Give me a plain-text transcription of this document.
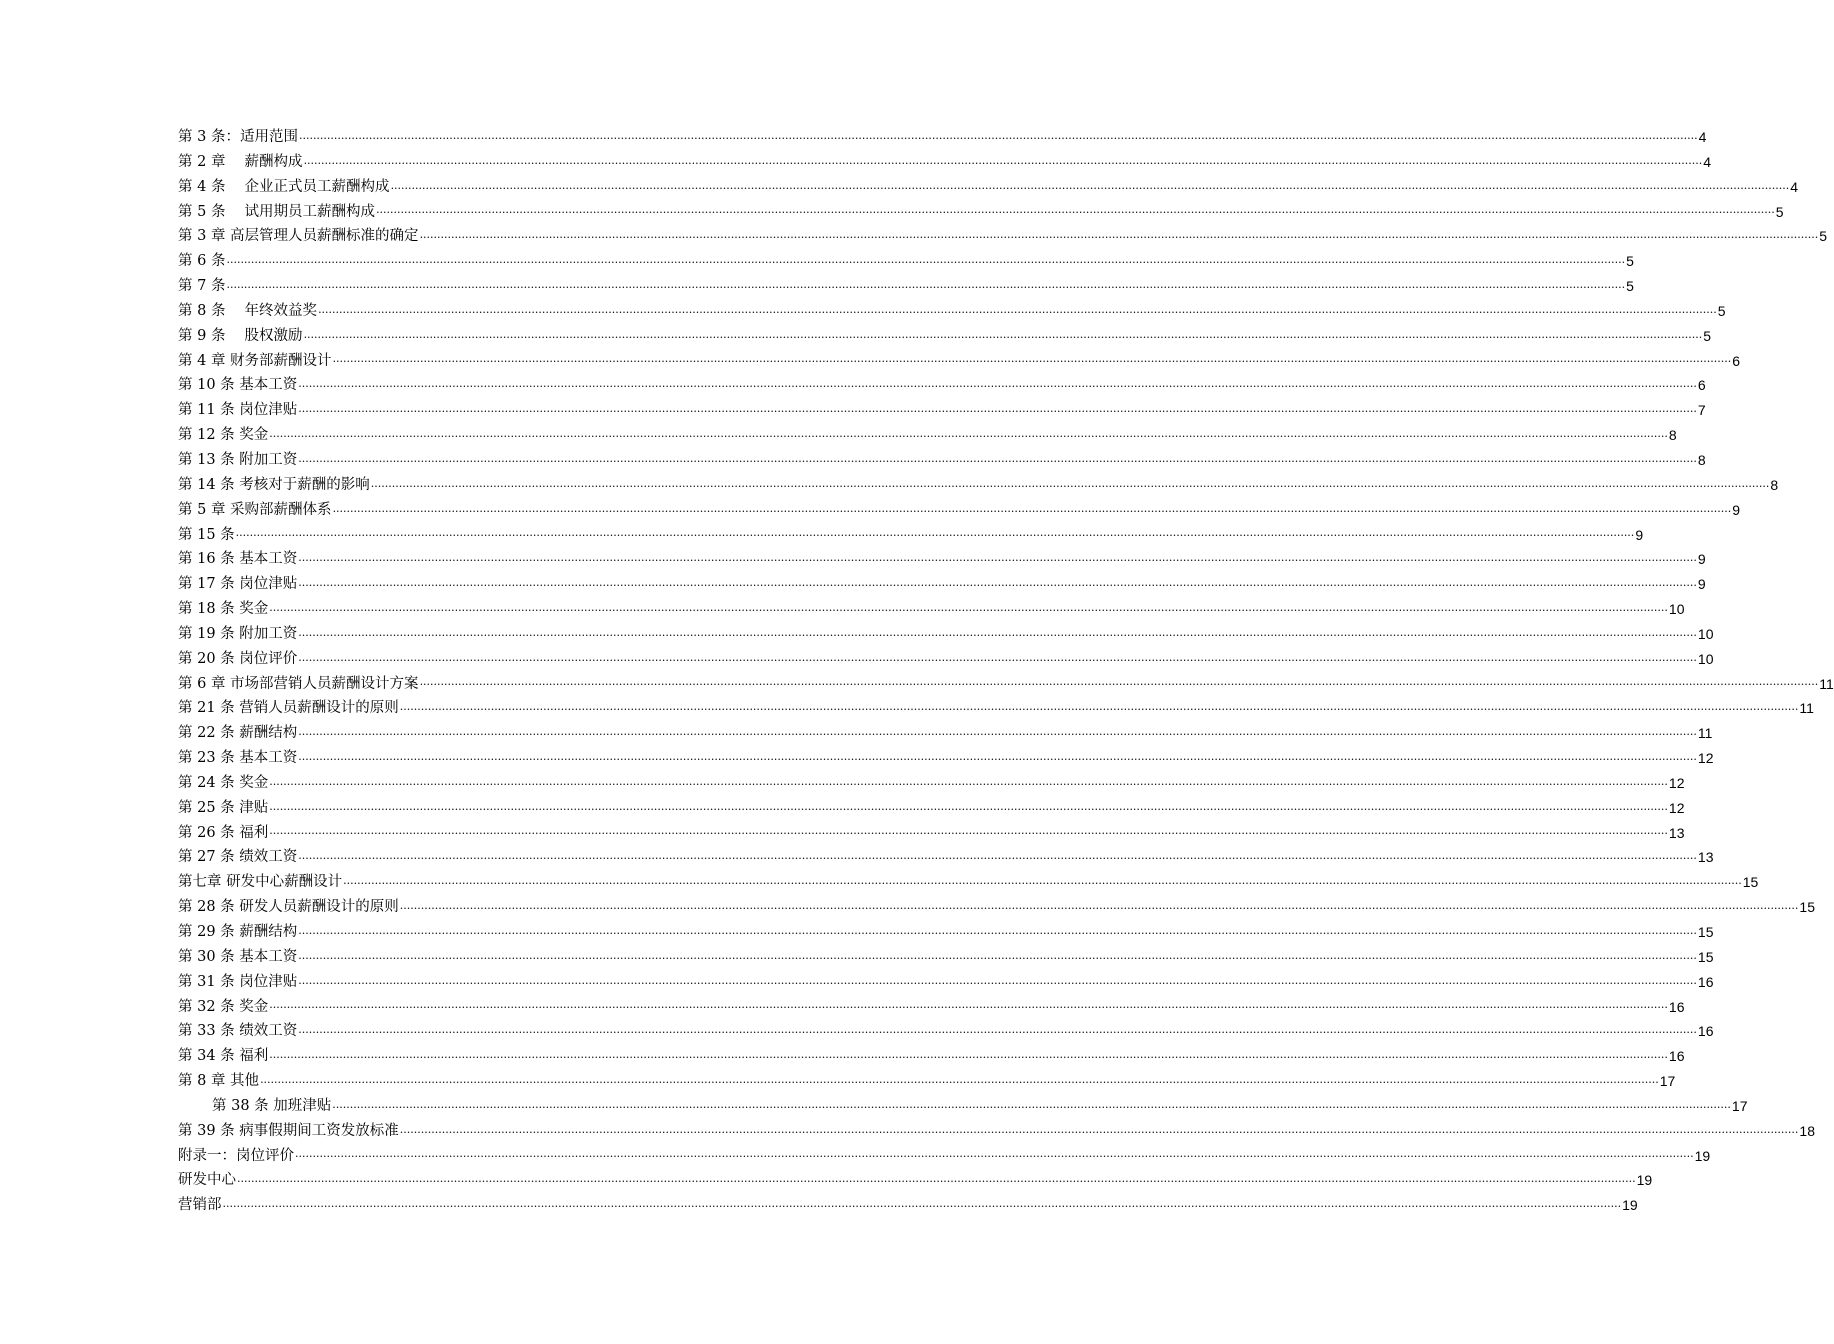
第 3 条：适用范围 ................................................................................................................................................................................................................................................................................................................................................................................................................ 4
第 2 章　 薪酬构成 ................................................................................................................................................................................................................................................................................................................................................................................................................ 4
第 4 条　 企业正式员工薪酬构成 ................................................................................................................................................................................................................................................................................................................................................................................................................ 4
第 5 条　 试用期员工薪酬构成 ................................................................................................................................................................................................................................................................................................................................................................................................................ 5
第 3 章 高层管理人员薪酬标准的确定 ................................................................................................................................................................................................................................................................................................................................................................................................................ 5
第 6 条 ................................................................................................................................................................................................................................................................................................................................................................................................................ 5
第 7 条 ................................................................................................................................................................................................................................................................................................................................................................................................................ 5
第 8 条　 年终效益奖 ................................................................................................................................................................................................................................................................................................................................................................................................................ 5
第 9 条　 股权激励 ................................................................................................................................................................................................................................................................................................................................................................................................................ 5
第 4 章 财务部薪酬设计 ................................................................................................................................................................................................................................................................................................................................................................................................................ 6
第 10 条 基本工资 ................................................................................................................................................................................................................................................................................................................................................................................................................ 6
第 11 条 岗位津贴 ................................................................................................................................................................................................................................................................................................................................................................................................................ 7
第 12 条 奖金 ................................................................................................................................................................................................................................................................................................................................................................................................................ 8
第 13 条 附加工资 ................................................................................................................................................................................................................................................................................................................................................................................................................ 8
第 14 条 考核对于薪酬的影响 ................................................................................................................................................................................................................................................................................................................................................................................................................ 8
第 5 章 采购部薪酬体系 ................................................................................................................................................................................................................................................................................................................................................................................................................ 9
第 15 条 ................................................................................................................................................................................................................................................................................................................................................................................................................ 9
第 16 条 基本工资 ................................................................................................................................................................................................................................................................................................................................................................................................................ 9
第 17 条 岗位津贴 ................................................................................................................................................................................................................................................................................................................................................................................................................ 9
第 18 条 奖金 ................................................................................................................................................................................................................................................................................................................................................................................................................ 10
第 19 条 附加工资 ................................................................................................................................................................................................................................................................................................................................................................................................................ 10
第 20 条 岗位评价 ................................................................................................................................................................................................................................................................................................................................................................................................................ 10
第 6 章 市场部营销人员薪酬设计方案 ................................................................................................................................................................................................................................................................................................................................................................................................................ 11
第 21 条 营销人员薪酬设计的原则 ................................................................................................................................................................................................................................................................................................................................................................................................................ 11
第 22 条 薪酬结构 ................................................................................................................................................................................................................................................................................................................................................................................................................ 11
第 23 条 基本工资 ................................................................................................................................................................................................................................................................................................................................................................................................................ 12
第 24 条 奖金 ................................................................................................................................................................................................................................................................................................................................................................................................................ 12
第 25 条 津贴 ................................................................................................................................................................................................................................................................................................................................................................................................................ 12
第 26 条 福利 ................................................................................................................................................................................................................................................................................................................................................................................................................ 13
第 27 条 绩效工资 ................................................................................................................................................................................................................................................................................................................................................................................................................ 13
第七章 研发中心薪酬设计 ................................................................................................................................................................................................................................................................................................................................................................................................................ 15
第 28 条 研发人员薪酬设计的原则 ................................................................................................................................................................................................................................................................................................................................................................................................................ 15
第 29 条 薪酬结构 ................................................................................................................................................................................................................................................................................................................................................................................................................ 15
第 30 条 基本工资 ................................................................................................................................................................................................................................................................................................................................................................................................................ 15
第 31 条 岗位津贴 ................................................................................................................................................................................................................................................................................................................................................................................................................ 16
第 32 条 奖金 ................................................................................................................................................................................................................................................................................................................................................................................................................ 16
第 33 条 绩效工资 ................................................................................................................................................................................................................................................................................................................................................................................................................ 16
第 34 条 福利 ................................................................................................................................................................................................................................................................................................................................................................................................................ 16
第 8 章 其他 ................................................................................................................................................................................................................................................................................................................................................................................................................ 17
第 38 条 加班津贴 ................................................................................................................................................................................................................................................................................................................................................................................................................ 17
第 39 条 病事假期间工资发放标准 ................................................................................................................................................................................................................................................................................................................................................................................................................ 18
附录一：岗位评价 ................................................................................................................................................................................................................................................................................................................................................................................................................ 19
研发中心 ................................................................................................................................................................................................................................................................................................................................................................................................................ 19
营销部 ................................................................................................................................................................................................................................................................................................................................................................................................................ 19
